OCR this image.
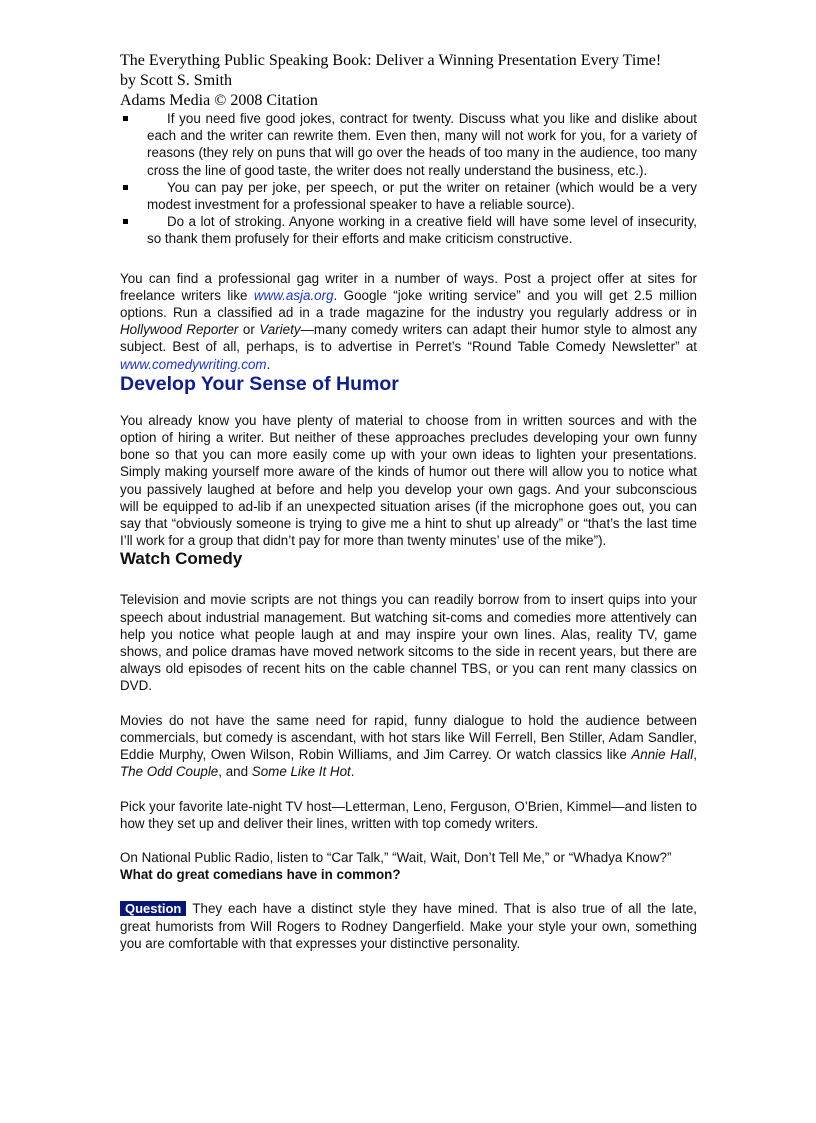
The Everything Public Speaking Book: Deliver a Winning Presentation Every Time!
by Scott S. Smith
Adams Media © 2008 Citation
If you need five good jokes, contract for twenty. Discuss what you like and dislike about each and the writer can rewrite them. Even then, many will not work for you, for a variety of reasons (they rely on puns that will go over the heads of too many in the audience, too many cross the line of good taste, the writer does not really understand the business, etc.).
You can pay per joke, per speech, or put the writer on retainer (which would be a very modest investment for a professional speaker to have a reliable source).
Do a lot of stroking. Anyone working in a creative field will have some level of insecurity, so thank them profusely for their efforts and make criticism constructive.

You can find a professional gag writer in a number of ways. Post a project offer at sites for freelance writers like www.asja.org. Google “joke writing service” and you will get 2.5 million options. Run a classified ad in a trade magazine for the industry you regularly address or in Hollywood Reporter or Variety—many comedy writers can adapt their humor style to almost any subject. Best of all, perhaps, is to advertise in Perret’s “Round Table Comedy Newsletter” at www.comedywriting.com.

Develop Your Sense of Humor

You already know you have plenty of material to choose from in written sources and with the option of hiring a writer. But neither of these approaches precludes developing your own funny bone so that you can more easily come up with your own ideas to lighten your presentations. Simply making yourself more aware of the kinds of humor out there will allow you to notice what you passively laughed at before and help you develop your own gags. And your subconscious will be equipped to ad-lib if an unexpected situation arises (if the microphone goes out, you can say that “obviously someone is trying to give me a hint to shut up already” or “that’s the last time I’ll work for a group that didn’t pay for more than twenty minutes’ use of the mike”).

Watch Comedy

Television and movie scripts are not things you can readily borrow from to insert quips into your speech about industrial management. But watching sit-coms and comedies more attentively can help you notice what people laugh at and may inspire your own lines. Alas, reality TV, game shows, and police dramas have moved network sitcoms to the side in recent years, but there are always old episodes of recent hits on the cable channel TBS, or you can rent many classics on DVD.

Movies do not have the same need for rapid, funny dialogue to hold the audience between commercials, but comedy is ascendant, with hot stars like Will Ferrell, Ben Stiller, Adam Sandler, Eddie Murphy, Owen Wilson, Robin Williams, and Jim Carrey. Or watch classics like Annie Hall, The Odd Couple, and Some Like It Hot.

Pick your favorite late-night TV host—Letterman, Leno, Ferguson, O’Brien, Kimmel—and listen to how they set up and deliver their lines, written with top comedy writers.

On National Public Radio, listen to “Car Talk,” “Wait, Wait, Don’t Tell Me,” or “Whadya Know?”

What do great comedians have in common?

Question They each have a distinct style they have mined. That is also true of all the late, great humorists from Will Rogers to Rodney Dangerfield. Make your style your own, something you are comfortable with that expresses your distinctive personality.
